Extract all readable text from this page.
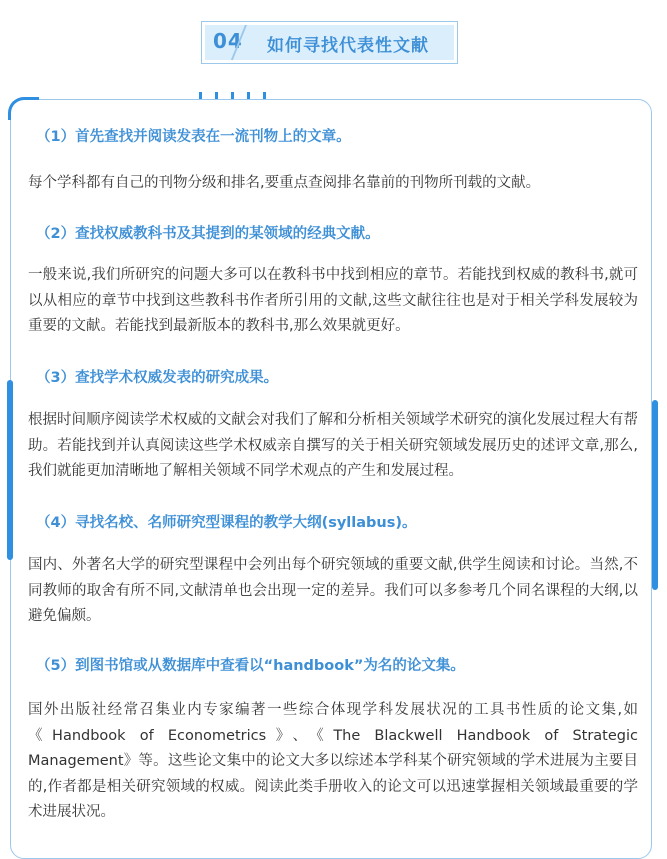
04 如何寻找代表性文献
（1）首先查找并阅读发表在一流刊物上的文章。
每个学科都有自己的刊物分级和排名,要重点查阅排名靠前的刊物所刊载的文献。
（2）查找权威教科书及其提到的某领域的经典文献。
一般来说,我们所研究的问题大多可以在教科书中找到相应的章节。若能找到权威的教科书,就可以从相应的章节中找到这些教科书作者所引用的文献,这些文献往往也是对于相关学科发展较为重要的文献。若能找到最新版本的教科书,那么效果就更好。
（3）查找学术权威发表的研究成果。
根据时间顺序阅读学术权威的文献会对我们了解和分析相关领域学术研究的演化发展过程大有帮助。若能找到并认真阅读这些学术权威亲自撰写的关于相关研究领域发展历史的述评文章,那么,我们就能更加清晰地了解相关领域不同学术观点的产生和发展过程。
（4）寻找名校、名师研究型课程的教学大纲(syllabus)。
国内、外著名大学的研究型课程中会列出每个研究领域的重要文献,供学生阅读和讨论。当然,不同教师的取舍有所不同,文献清单也会出现一定的差异。我们可以多参考几个同名课程的大纲,以避免偏颇。
（5）到图书馆或从数据库中查看以“handbook”为名的论文集。
国外出版社经常召集业内专家编著一些综合体现学科发展状况的工具书性质的论文集,如《Handbook of Econometrics》、《The Blackwell Handbook of Strategic Management》等。这些论文集中的论文大多以综述本学科某个研究领域的学术进展为主要目的,作者都是相关研究领域的权威。阅读此类手册收入的论文可以迅速掌握相关领域最重要的学术进展状况。
